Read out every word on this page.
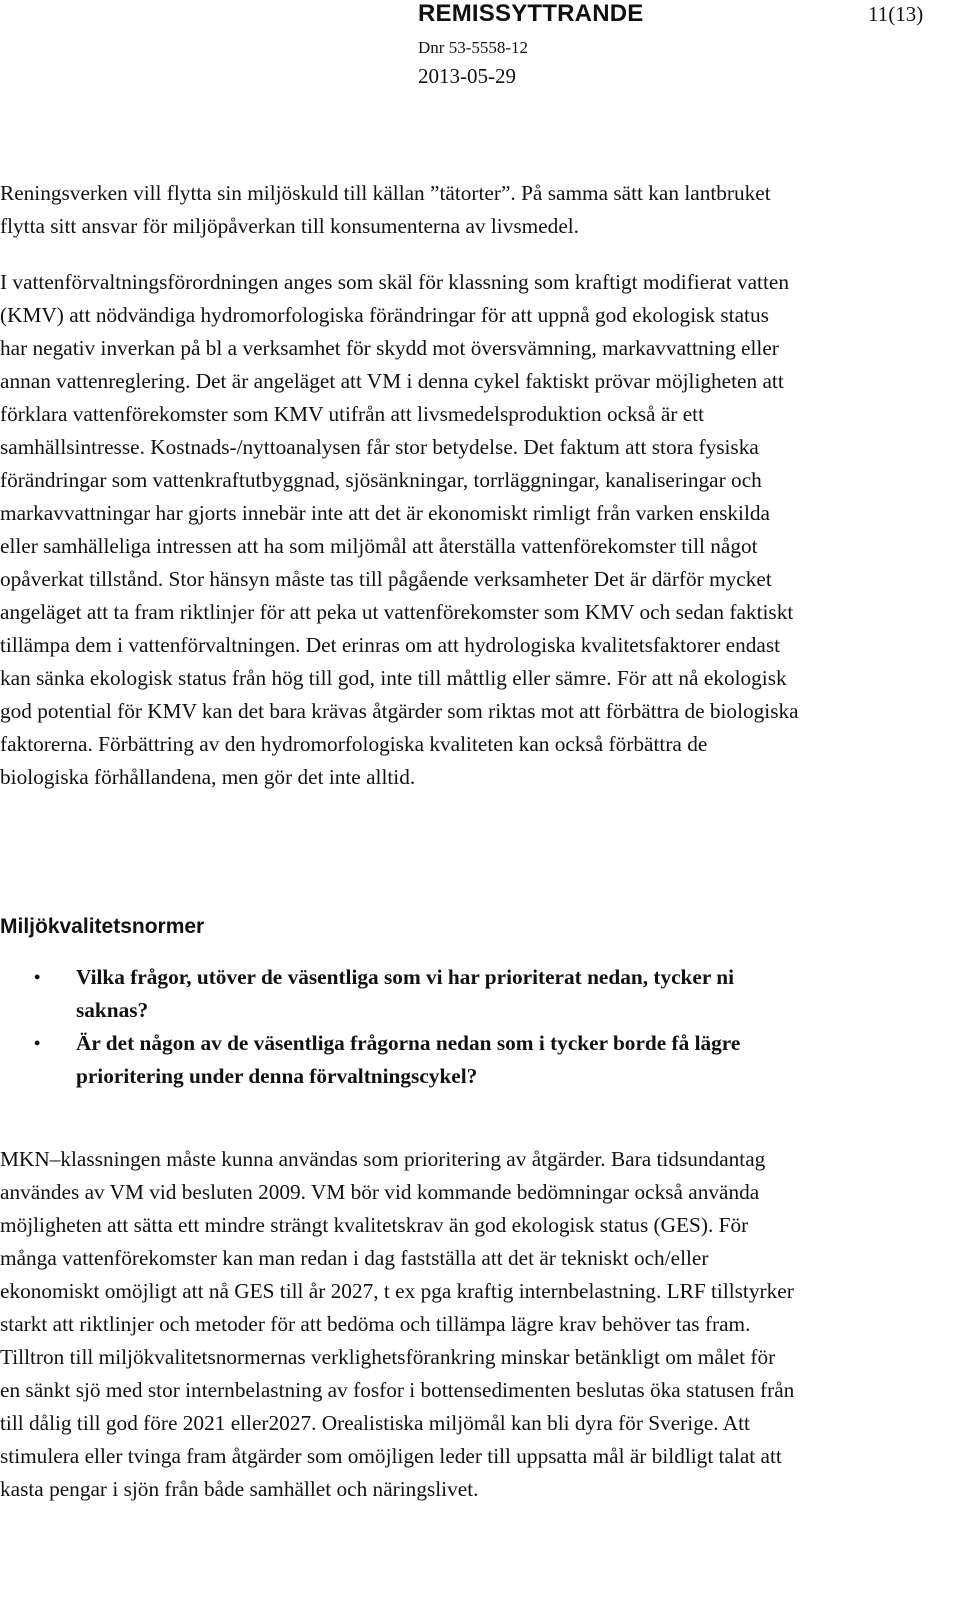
REMISSYTTRANDE	11(13)
Dnr 53-5558-12
2013-05-29

Reningsverken vill flytta sin miljöskuld till källan ”tätorter”. På samma sätt kan lantbruket flytta sitt ansvar för miljöpåverkan till konsumenterna av livsmedel.

I vattenförvaltningsförordningen anges som skäl för klassning som kraftigt modifierat vatten (KMV) att nödvändiga hydromorfologiska förändringar för att uppnå god ekologisk status har negativ inverkan på bl a verksamhet för skydd mot översvämning, markavvattning eller annan vattenreglering. Det är angeläget att VM i denna cykel faktiskt prövar möjligheten att förklara vattenförekomster som KMV utifrån att livsmedelsproduktion också är ett samhällsintresse. Kostnads-/nyttoanalysen får stor betydelse. Det faktum att stora fysiska förändringar som vattenkraftutbyggnad, sjösänkningar, torrläggningar, kanaliseringar och markavvattningar har gjorts innebär inte att det är ekonomiskt rimligt från varken enskilda eller samhälleliga intressen att ha som miljömål att återställa vattenförekomster till något opåverkat tillstånd. Stor hänsyn måste tas till pågående verksamheter Det är därför mycket angeläget att ta fram riktlinjer för att peka ut vattenförekomster som KMV och sedan faktiskt tillämpa dem i vattenförvaltningen. Det erinras om att hydrologiska kvalitetsfaktorer endast kan sänka ekologisk status från hög till god, inte till måttlig eller sämre. För att nå ekologisk god potential för KMV kan det bara krävas åtgärder som riktas mot att förbättra de biologiska faktorerna. Förbättring av den hydromorfologiska kvaliteten kan också förbättra de biologiska förhållandena, men gör det inte alltid.

Miljökvalitetsnormer
• Vilka frågor, utöver de väsentliga som vi har prioriterat nedan, tycker ni saknas?
• Är det någon av de väsentliga frågorna nedan som i tycker borde få lägre prioritering under denna förvaltningscykel?

MKN–klassningen måste kunna användas som prioritering av åtgärder. Bara tidsundantag användes av VM vid besluten 2009. VM bör vid kommande bedömningar också använda möjligheten att sätta ett mindre strängt kvalitetskrav än god ekologisk status (GES). För många vattenförekomster kan man redan i dag fastställa att det är tekniskt och/eller ekonomiskt omöjligt att nå GES till år 2027, t ex pga kraftig internbelastning. LRF tillstyrker starkt att riktlinjer och metoder för att bedöma och tillämpa lägre krav behöver tas fram. Tilltron till miljökvalitetsnormernas verklighetsförankring minskar betänkligt om målet för en sänkt sjö med stor internbelastning av fosfor i bottensedimenten beslutas öka statusen från till dålig till god före 2021 eller2027. Orealistiska miljömål kan bli dyra för Sverige. Att stimulera eller tvinga fram åtgärder som omöjligen leder till uppsatta mål är bildligt talat att kasta pengar i sjön från både samhället och näringslivet.
